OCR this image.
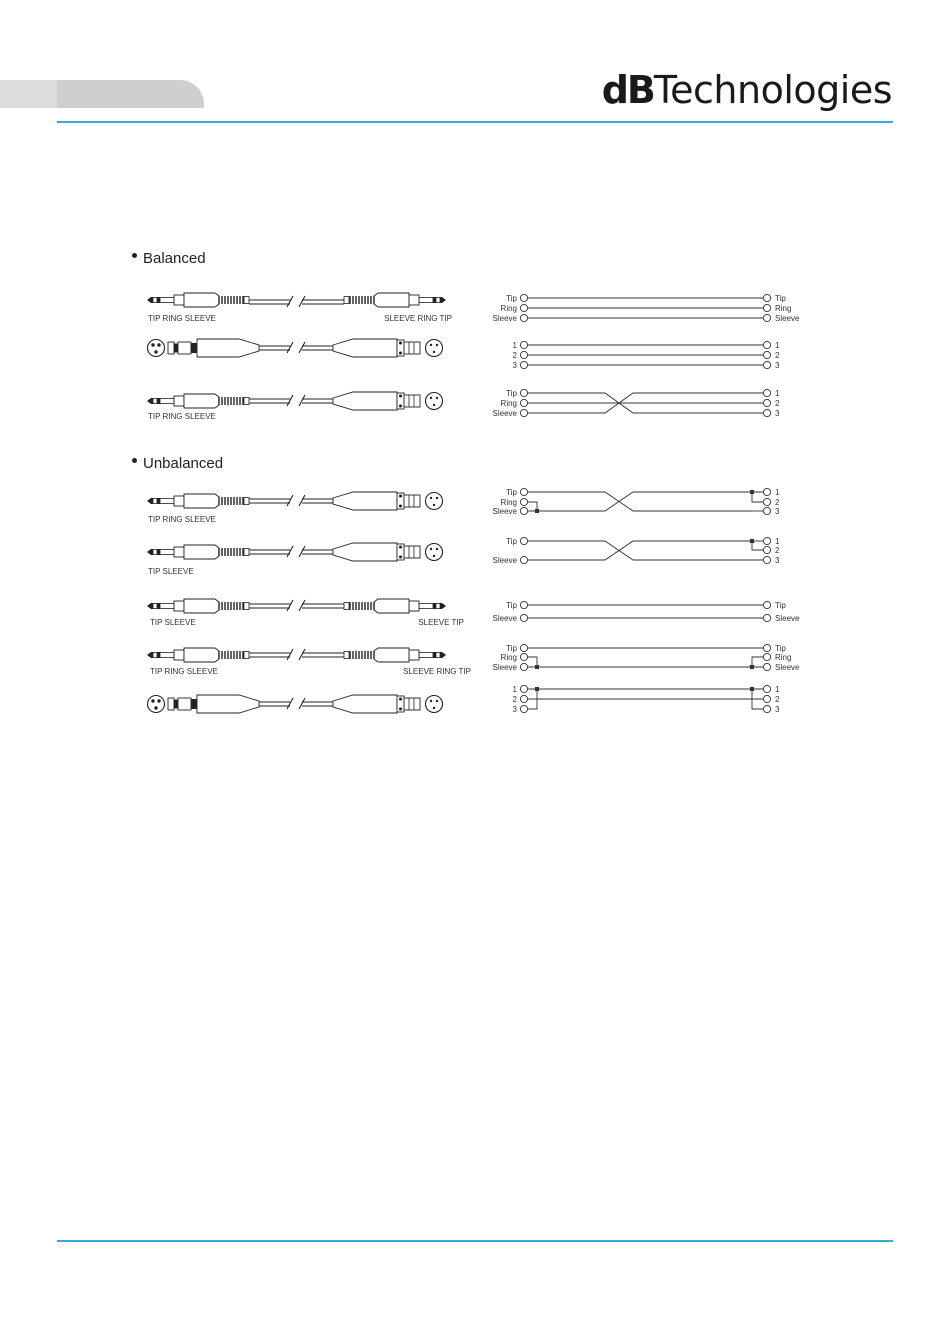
dBTechnologies
Balanced
Unbalanced
TIP RING SLEEVE	SLEEVE RING TIP
TIP RING SLEEVE
TIP RING SLEEVE
TIP SLEEVE
TIP SLEEVE	SLEEVE TIP
TIP RING SLEEVE	SLEEVE RING TIP
Tip
Ring
Sleeve
Tip
Ring
Sleeve
1
2
3
1
2
3
Tip
Ring
Sleeve
1
2
3
Tip
Ring
Sleeve
1
2
3
Tip
Sleeve
1
2
3
Tip
Sleeve
Tip
Sleeve
Tip
Ring
Sleeve
Tip
Ring
Sleeve
1
2
3
1
2
3
